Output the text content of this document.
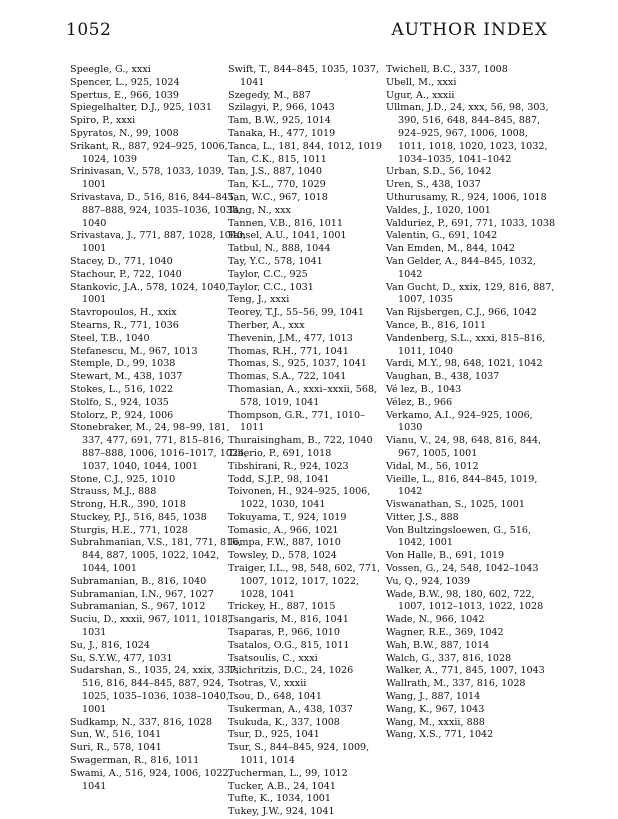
1052	AUTHOR INDEX

Speegle, G., xxxi

Spencer, L., 925, 1024

Spertus, E., 966, 1039

Spiegelhalter, D.J., 925, 1031

Spiro, P., xxxi

Spyratos, N., 99, 1008

Srikant, R., 887, 924–925, 1006, 1024, 1039

Srinivasan, V., 578, 1033, 1039, 1001

Srivastava, D., 516, 816, 844–845, 887–888, 924, 1035–1036, 1038, 1040

Srivastava, J., 771, 887, 1028, 1040, 1001

Stacey, D., 771, 1040

Stachour, P., 722, 1040

Stankovic, J.A., 578, 1024, 1040, 1001

Stavropoulos, H., xxix

Stearns, R., 771, 1036

Steel, T.B., 1040

Stefanescu, M., 967, 1013

Stemple, D., 99, 1038

Stewart, M., 438, 1037

Stokes, L., 516, 1022

Stolfo, S., 924, 1035

Stolorz, P., 924, 1006

Stonebraker, M., 24, 98–99, 181, 337, 477, 691, 771, 815–816, 887–888, 1006, 1016–1017, 1024, 1037, 1040, 1044, 1001

Stone, C.J., 925, 1010

Strauss, M.J., 888

Strong, H.R., 390, 1018

Stuckey, P.J., 516, 845, 1038

Sturgis, H.E., 771, 1028

Subrahmanian, V.S., 181, 771, 816, 844, 887, 1005, 1022, 1042, 1044, 1001

Subramanian, B., 816, 1040

Subramanian, I.N., 967, 1027

Subramanian, S., 967, 1012

Suciu, D., xxxii, 967, 1011, 1018, 1031

Su, J., 816, 1024

Su, S.Y.W., 477, 1031

Sudarshan, S., 1035, 24, xxix, 337, 516, 816, 844–845, 887, 924, 1025, 1035–1036, 1038–1040, 1001

Sudkamp, N., 337, 816, 1028

Sun, W., 516, 1041

Suri, R., 578, 1041

Swagerman, R., 816, 1011

Swami, A., 516, 924, 1006, 1022, 1041

Swift, T., 844–845, 1035, 1037, 1041

Szegedy, M., 887

Szilagyi, P., 966, 1043

Tam, B.W., 925, 1014

Tanaka, H., 477, 1019

Tanca, L., 181, 844, 1012, 1019

Tan, C.K., 815, 1011

Tan, J.S., 887, 1040

Tan, K-L., 770, 1029

Tan, W.C., 967, 1018

Tang, N., xxx

Tannen, V.B., 816, 1011

Tansel, A.U., 1041, 1001

Tatbul, N., 888, 1044

Tay, Y.C., 578, 1041

Taylor, C.C., 925

Taylor, C.C., 1031

Teng, J., xxxi

Teorey, T.J., 55–56, 99, 1041

Therber, A., xxx

Thevenin, J.M., 477, 1013

Thomas, R.H., 771, 1041

Thomas, S., 925, 1037, 1041

Thomas, S.A., 722, 1041

Thomasian, A., xxxi–xxxii, 568, 578, 1019, 1041

Thompson, G.R., 771, 1010–1011

Thuraisingham, B., 722, 1040

Tiberio, P., 691, 1018

Tibshirani, R., 924, 1023

Todd, S.J.P., 98, 1041

Toivonen, H., 924–925, 1006, 1022, 1030, 1041

Tokuyama, T., 924, 1019

Tomasic, A., 966, 1021

Tompa, F.W., 887, 1010

Towsley, D., 578, 1024

Traiger, I.L., 98, 548, 602, 771, 1007, 1012, 1017, 1022, 1028, 1041

Trickey, H., 887, 1015

Tsangaris, M., 816, 1041

Tsaparas, P., 966, 1010

Tsatalos, O.G., 815, 1011

Tsatsoulis, C., xxxi

Tsichritzis, D.C., 24, 1026

Tsotras, V., xxxii

Tsou, D., 648, 1041

Tsukerman, A., 438, 1037

Tsukuda, K., 337, 1008

Tsur, D., 925, 1041

Tsur, S., 844–845, 924, 1009, 1011, 1014

Tucherman, L., 99, 1012

Tucker, A.B., 24, 1041

Tufte, K., 1034, 1001

Tukey, J.W., 924, 1041

Twichell, B.C., 337, 1008

Ubell, M., xxxi

Ugur, A., xxxii

Ullman, J.D., 24, xxx, 56, 98, 303, 390, 516, 648, 844–845, 887, 924–925, 967, 1006, 1008, 1011, 1018, 1020, 1023, 1032, 1034–1035, 1041–1042

Urban, S.D., 56, 1042

Uren, S., 438, 1037

Uthurusamy, R., 924, 1006, 1018

Valdes, J., 1020, 1001

Valduriez, P., 691, 771, 1033, 1038

Valentin, G., 691, 1042

Van Emden, M., 844, 1042

Van Gelder, A., 844–845, 1032, 1042

Van Gucht, D., xxix, 129, 816, 887, 1007, 1035

Van Rijsbergen, C.J., 966, 1042

Vance, B., 816, 1011

Vandenberg, S.L., xxxi, 815–816, 1011, 1040

Vardi, M.Y., 98, 648, 1021, 1042

Vaughan, B., 438, 1037

Vé lez, B., 1043

Vélez, B., 966

Verkamo, A.I., 924–925, 1006, 1030

Vianu, V., 24, 98, 648, 816, 844, 967, 1005, 1001

Vidal, M., 56, 1012

Vieille, L., 816, 844–845, 1019, 1042

Viswanathan, S., 1025, 1001

Vitter, J.S., 888

Von Bultzingsloewen, G., 516, 1042, 1001

Von Halle, B., 691, 1019

Vossen, G., 24, 548, 1042–1043

Vu, Q., 924, 1039

Wade, B.W., 98, 180, 602, 722, 1007, 1012–1013, 1022, 1028

Wade, N., 966, 1042

Wagner, R.E., 369, 1042

Wah, B.W., 887, 1014

Walch, G., 337, 816, 1028

Walker, A., 771, 845, 1007, 1043

Wallrath, M., 337, 816, 1028

Wang, J., 887, 1014

Wang, K., 967, 1043

Wang, M., xxxii, 888

Wang, X.S., 771, 1042
